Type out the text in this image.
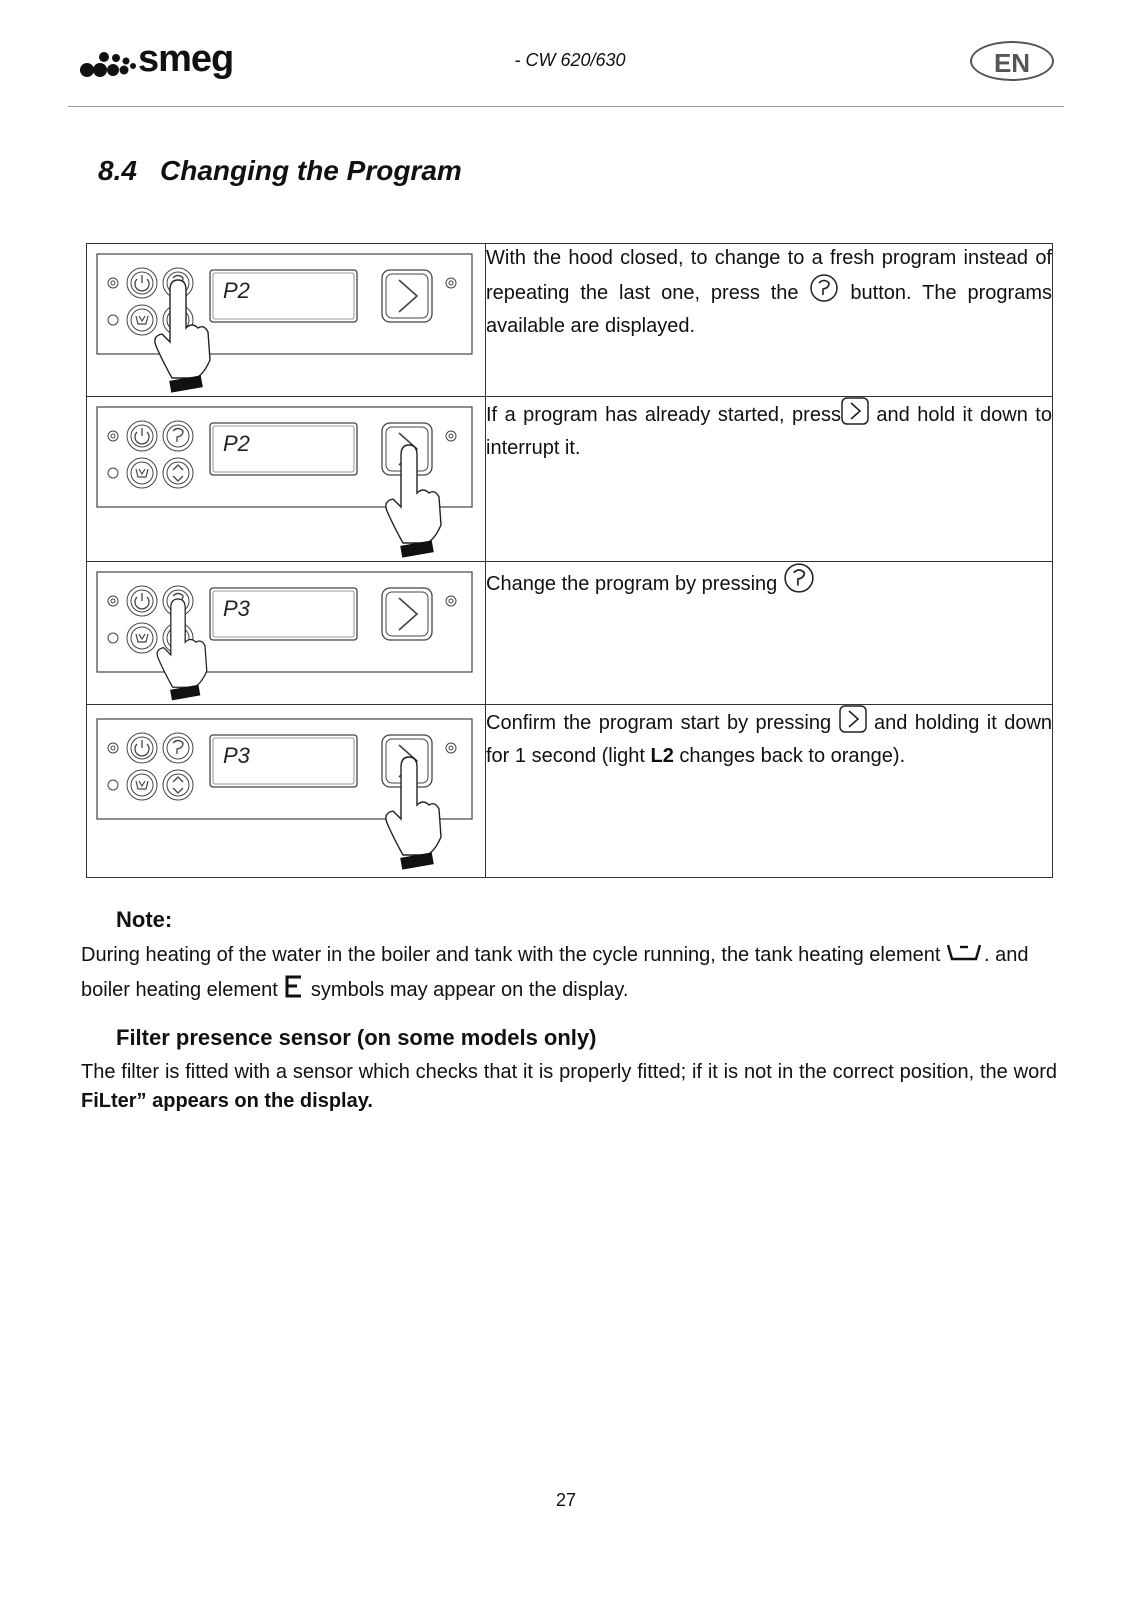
smeg	- CW 620/630	EN
8.4 Changing the Program
P2	With the hood closed, to change to a fresh program instead of repeating the last one, press the  button. The programs available are displayed.

P2	If a program has already started, press and hold it down to interrupt it.

P3	Change the program by pressing

P3	Confirm the program start by pressing  and holding it down for 1 second (light L2 changes back to orange).
Note:
During heating of the water in the boiler and tank with the cycle running, the tank heating element . and boiler heating element  symbols may appear on the display.
Filter presence sensor (on some models only)
The filter is fitted with a sensor which checks that it is properly fitted; if it is not in the correct position, the word FiLter” appears on the display.
27
